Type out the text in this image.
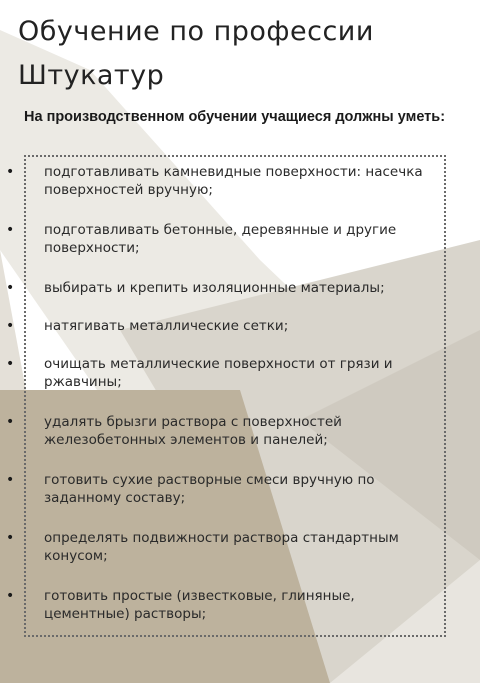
Обучение по профессии
Штукатур

На производственном обучении учащиеся должны уметь:

•	подготавливать камневидные поверхности: насечка поверхностей вручную;
•	подготавливать бетонные, деревянные и другие поверхности;
•	выбирать и крепить изоляционные материалы;
•	натягивать металлические сетки;
•	очищать металлические поверхности от грязи и ржавчины;
•	удалять брызги раствора с поверхностей железобетонных элементов и панелей;
•	готовить сухие растворные смеси вручную по заданному составу;
•	определять подвижности раствора стандартным конусом;
•	готовить простые (известковые, глиняные, цементные) растворы;
